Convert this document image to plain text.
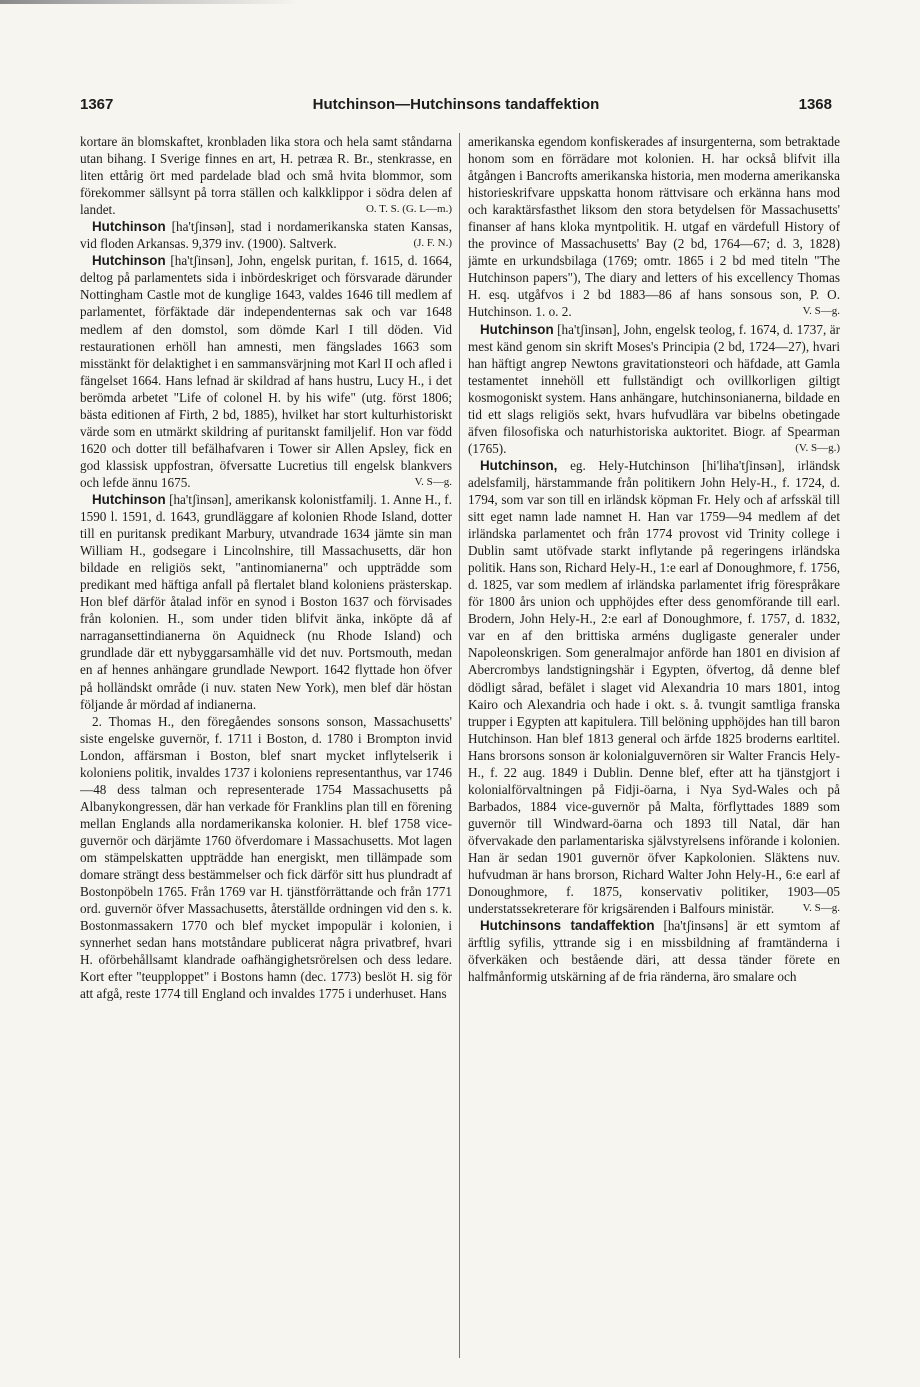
1367	Hutchinson—Hutchinsons tandaffektion	1368

kortare än blomskaftet, kronbladen lika stora och hela samt ståndarna utan bihang. I Sverige finnes en art, H. petræa R. Br., stenkrasse, en liten ettårig ört med pardelade blad och små hvita blommor, som förekommer sällsynt på torra ställen och kalkklippor i södra delen af landet.	O. T. S. (G. L—m.)

Hutchinson [ha'tʃinsən], stad i nordamerikanska staten Kansas, vid floden Arkansas. 9,379 inv. (1900). Saltverk.	(J. F. N.)

Hutchinson [ha'tʃinsən], John, engelsk puritan, f. 1615, d. 1664, deltog på parlamentets sida i inbördeskriget och försvarade därunder Nottingham Castle mot de kunglige 1643, valdes 1646 till medlem af parlamentet, förfäktade där independenternas sak och var 1648 medlem af den domstol, som dömde Karl I till döden. Vid restaurationen erhöll han amnesti, men fängslades 1663 som misstänkt för delaktighet i en sammansvärjning mot Karl II och afled i fängelset 1664. Hans lefnad är skildrad af hans hustru, Lucy H., i det berömda arbetet "Life of colonel H. by his wife" (utg. först 1806; bästa editionen af Firth, 2 bd, 1885), hvilket har stort kulturhistoriskt värde som en utmärkt skildring af puritanskt familjelif. Hon var född 1620 och dotter till befälhafvaren i Tower sir Allen Apsley, fick en god klassisk uppfostran, öfversatte Lucretius till engelsk blankvers och lefde ännu 1675.	V. S—g.

Hutchinson [ha'tʃinsən], amerikansk kolonistfamilj. 1. Anne H., f. 1590 l. 1591, d. 1643, grundläggare af kolonien Rhode Island, dotter till en puritansk predikant Marbury, utvandrade 1634 jämte sin man William H., godsegare i Lincolnshire, till Massachusetts, där hon bildade en religiös sekt, "antinomianerna" och uppträdde som predikant med häftiga anfall på flertalet bland koloniens prästerskap. Hon blef därför åtalad inför en synod i Boston 1637 och förvisades från kolonien. H., som under tiden blifvit änka, inköpte då af narragansettindianerna ön Aquidneck (nu Rhode Island) och grundlade där ett nybyggarsamhälle vid det nuv. Portsmouth, medan en af hennes anhängare grundlade Newport. 1642 flyttade hon öfver på holländskt område (i nuv. staten New York), men blef där höstan följande år mördad af indianerna.

2. Thomas H., den föregåendes sonsons sonson, Massachusetts' siste engelske guvernör, f. 1711 i Boston, d. 1780 i Brompton invid London, affärsman i Boston, blef snart mycket inflytelserik i koloniens politik, invaldes 1737 i koloniens representanthus, var 1746—48 dess talman och representerade 1754 Massachusetts på Albanykongressen, där han verkade för Franklins plan till en förening mellan Englands alla nordamerikanska kolonier. H. blef 1758 vice-guvernör och därjämte 1760 öfverdomare i Massachusetts. Mot lagen om stämpelskatten uppträdde han energiskt, men tillämpade som domare strängt dess bestämmelser och fick därför sitt hus plundradt af Bostonpöbeln 1765. Från 1769 var H. tjänstförrättande och från 1771 ord. guvernör öfver Massachusetts, återställde ordningen vid den s. k. Bostonmassakern 1770 och blef mycket impopulär i kolonien, i synnerhet sedan hans motståndare publicerat några privatbref, hvari H. oförbehållsamt klandrade oafhängighetsrörelsen och dess ledare. Kort efter "teupploppet" i Bostons hamn (dec. 1773) beslöt H. sig för att afgå, reste 1774 till England och invaldes 1775 i underhuset. Hans

amerikanska egendom konfiskerades af insurgenterna, som betraktade honom som en förrädare mot kolonien. H. har också blifvit illa åtgången i Bancrofts amerikanska historia, men moderna amerikanska historieskrifvare uppskatta honom rättvisare och erkänna hans mod och karaktärsfasthet liksom den stora betydelsen för Massachusetts' finanser af hans kloka myntpolitik. H. utgaf en värdefull History of the province of Massachusetts' Bay (2 bd, 1764—67; d. 3, 1828) jämte en urkundsbilaga (1769; omtr. 1865 i 2 bd med titeln "The Hutchinson papers"), The diary and letters of his excellency Thomas H. esq. utgåfvos i 2 bd 1883—86 af hans sonsous son, P. O. Hutchinson. 1. o. 2.	V. S—g.

Hutchinson [ha'tʃinsən], John, engelsk teolog, f. 1674, d. 1737, är mest känd genom sin skrift Moses's Principia (2 bd, 1724—27), hvari han häftigt angrep Newtons gravitationsteori och häfdade, att Gamla testamentet innehöll ett fullständigt och ovillkorligen giltigt kosmogoniskt system. Hans anhängare, hutchinsonianerna, bildade en tid ett slags religiös sekt, hvars hufvudlära var bibelns obetingade äfven filosofiska och naturhistoriska auktoritet. Biogr. af Spearman (1765).	(V. S—g.)

Hutchinson, eg. Hely-Hutchinson [hi'liha'tʃinsən], irländsk adelsfamilj, härstammande från politikern John Hely-H., f. 1724, d. 1794, som var son till en irländsk köpman Fr. Hely och af arfsskäl till sitt eget namn lade namnet H. Han var 1759—94 medlem af det irländska parlamentet och från 1774 provost vid Trinity college i Dublin samt utöfvade starkt inflytande på regeringens irländska politik. Hans son, Richard Hely-H., 1:e earl af Donoughmore, f. 1756, d. 1825, var som medlem af irländska parlamentet ifrig förespråkare för 1800 års union och upphöjdes efter dess genomförande till earl. Brodern, John Hely-H., 2:e earl af Donoughmore, f. 1757, d. 1832, var en af den brittiska arméns dugligaste generaler under Napoleonskrigen. Som generalmajor anförde han 1801 en division af Abercrombys landstigningshär i Egypten, öfvertog, då denne blef dödligt sårad, befälet i slaget vid Alexandria 10 mars 1801, intog Kairo och Alexandria och hade i okt. s. å. tvungit samtliga franska trupper i Egypten att kapitulera. Till belöning upphöjdes han till baron Hutchinson. Han blef 1813 general och ärfde 1825 broderns earltitel. Hans brorsons sonson är kolonialguvernören sir Walter Francis Hely-H., f. 22 aug. 1849 i Dublin. Denne blef, efter att ha tjänstgjort i kolonialförvaltningen på Fidji-öarna, i Nya Syd-Wales och på Barbados, 1884 vice-guvernör på Malta, förflyttades 1889 som guvernör till Windward-öarna och 1893 till Natal, där han öfvervakade den parlamentariska självstyrelsens införande i kolonien. Han är sedan 1901 guvernör öfver Kapkolonien. Släktens nuv. hufvudman är hans brorson, Richard Walter John Hely-H., 6:e earl af Donoughmore, f. 1875, konservativ politiker, 1903—05 understatssekreterare för krigsärenden i Balfours ministär.	V. S—g.

Hutchinsons tandaffektion [ha'tʃinsəns] är ett symtom af ärftlig syfilis, yttrande sig i en missbildning af framtänderna i öfverkäken och bestående däri, att dessa tänder förete en halfmånformig utskärning af de fria ränderna, äro smalare och
